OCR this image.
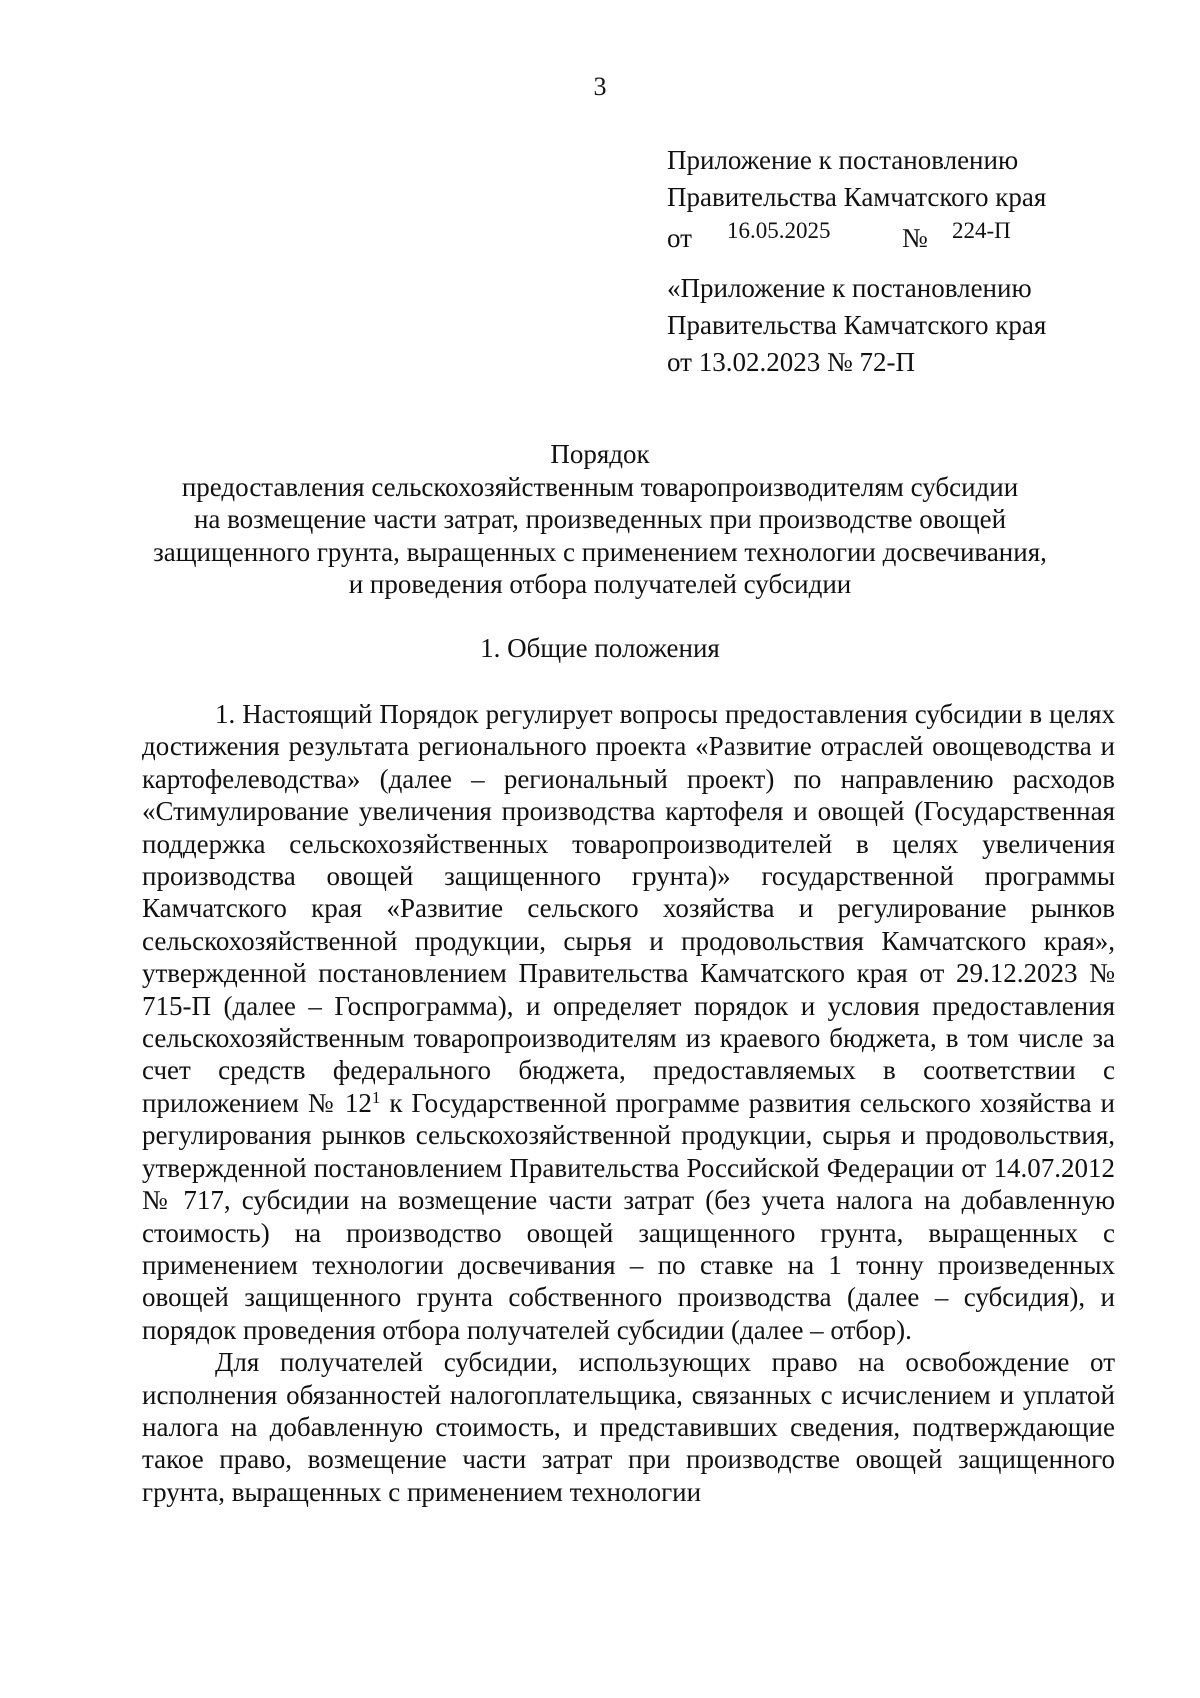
3
Приложение к постановлению
Правительства Камчатского края
от 16.05.2025	№ 224-П
«Приложение к постановлению
Правительства Камчатского края
от 13.02.2023 № 72-П
Порядок
предоставления сельскохозяйственным товаропроизводителям субсидии
на возмещение части затрат, произведенных при производстве овощей
защищенного грунта, выращенных с применением технологии досвечивания,
и проведения отбора получателей субсидии
1. Общие положения

1. Настоящий Порядок регулирует вопросы предоставления субсидии в целях достижения результата регионального проекта «Развитие отраслей овощеводства и картофелеводства» (далее – региональный проект) по направлению расходов «Стимулирование увеличения производства картофеля и овощей (Государственная поддержка сельскохозяйственных товаропроизводителей в целях увеличения производства овощей защищенного грунта)» государственной программы Камчатского края «Развитие сельского хозяйства и регулирование рынков сельскохозяйственной продукции, сырья и продовольствия Камчатского края», утвержденной постановлением Правительства Камчатского края от 29.12.2023 № 715-П (далее – Госпрограмма), и определяет порядок и условия предоставления сельскохозяйственным товаропроизводителям из краевого бюджета, в том числе за счет средств федерального бюджета, предоставляемых в соответствии с приложением № $12^1$ к Государственной программе развития сельского хозяйства и регулирования рынков сельскохозяйственной продукции, сырья и продовольствия, утвержденной постановлением Правительства Российской Федерации от 14.07.2012 № 717, субсидии на возмещение части затрат (без учета налога на добавленную стоимость) на производство овощей защищенного грунта, выращенных с применением технологии досвечивания – по ставке на 1 тонну произведенных овощей защищенного грунта собственного производства (далее – субсидия), и порядок проведения отбора получателей субсидии (далее – отбор).

Для получателей субсидии, использующих право на освобождение от исполнения обязанностей налогоплательщика, связанных с исчислением и уплатой налога на добавленную стоимость, и представивших сведения, подтверждающие такое право, возмещение части затрат при производстве овощей защищенного грунта, выращенных с применением технологии
